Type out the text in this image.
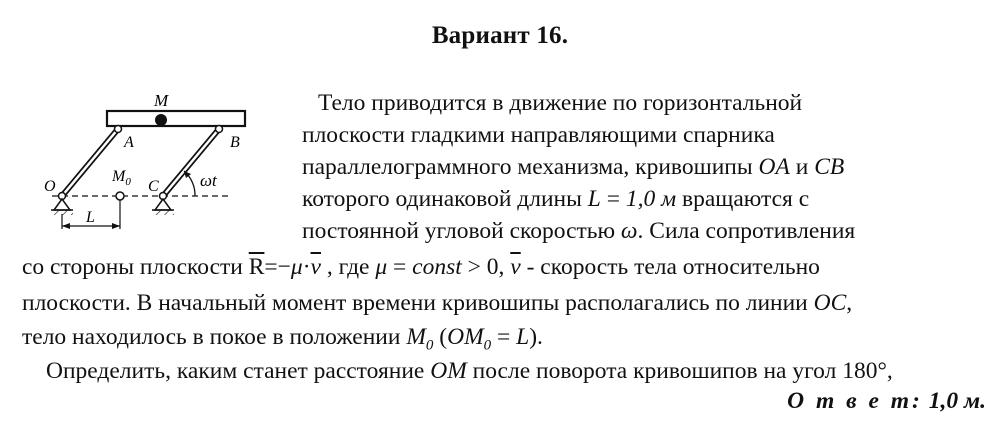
Вариант 16.
M
A	B
O	C
$M_0$
L
ωt
Тело приводится в движение по горизонтальной
плоскости гладкими направляющими спарника
параллелограммного механизма, кривошипы OA и CB
которого одинаковой длины L = 1,0 м вращаются с
постоянной угловой скоростью ω. Сила сопротивления
со стороны плоскости $\overline{R}=-\mu\cdot\overline{v}$ , где μ = const > 0, $\overline{v}$ - скорость тела относительно
плоскости. В начальный момент времени кривошипы располагались по линии OC,
тело находилось в покое в положении $M_0$ $(OM_0 = L)$.
Определить, каким станет расстояние OM после поворота кривошипов на угол 180°,
О т в е т: 1,0 м.
